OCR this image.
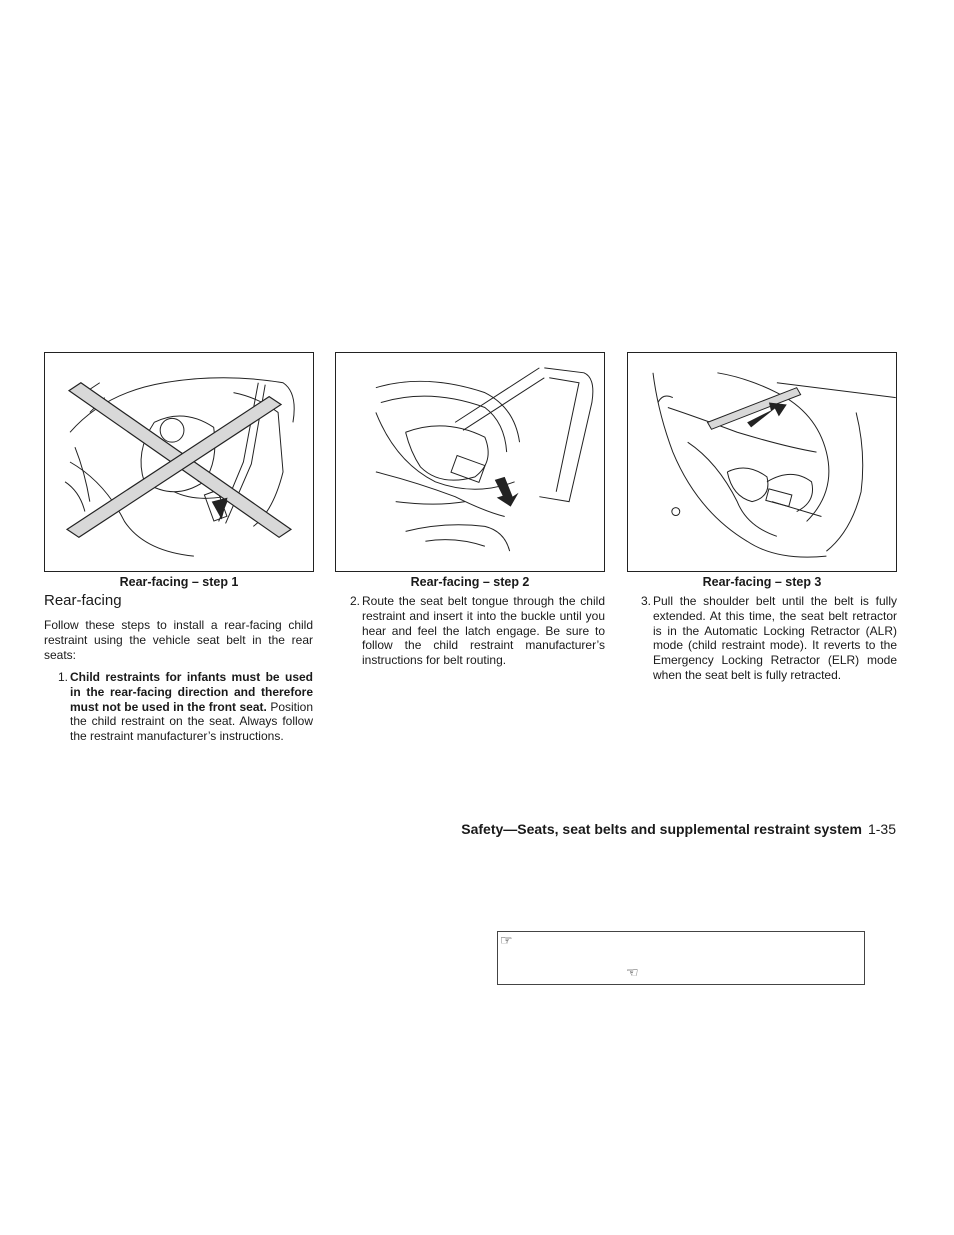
Rear-facing – step 1	Rear-facing – step 2	Rear-facing – step 3
Rear-facing
Follow these steps to install a rear-facing child restraint using the vehicle seat belt in the rear seats:
1. Child restraints for infants must be used in the rear-facing direction and therefore must not be used in the front seat. Position the child restraint on the seat. Always follow the restraint manufacturer’s instructions.
2. Route the seat belt tongue through the child restraint and insert it into the buckle until you hear and feel the latch engage. Be sure to follow the child restraint manufacturer’s instructions for belt routing.
3. Pull the shoulder belt until the belt is fully extended. At this time, the seat belt retractor is in the Automatic Locking Retractor (ALR) mode (child restraint mode). It reverts to the Emergency Locking Retractor (ELR) mode when the seat belt is fully retracted.
Safety—Seats, seat belts and supplemental restraint system 1-35
☞
☜
